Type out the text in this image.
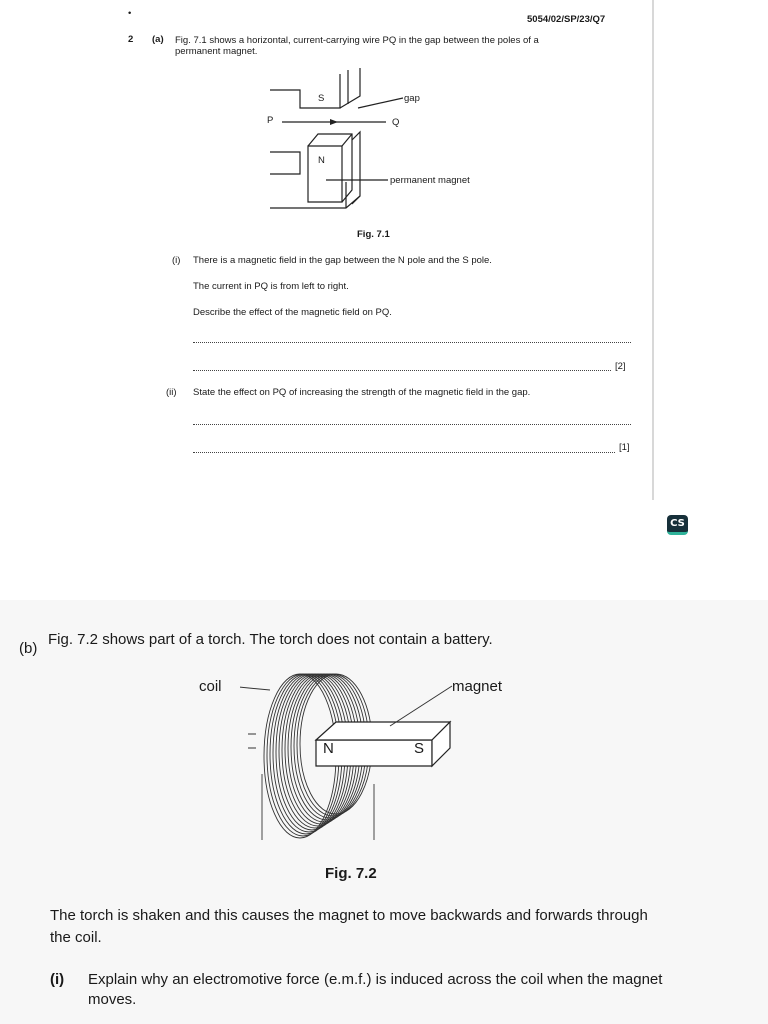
•
5054/02/SP/23/Q7
2 (a) Fig. 7.1 shows a horizontal, current-carrying wire PQ in the gap between the poles of a
permanent magnet.
S	gap
P	Q
N
permanent magnet
Fig. 7.1
(i) There is a magnetic field in the gap between the N pole and the S pole.
The current in PQ is from left to right.
Describe the effect of the magnetic field on PQ.
[2]
(ii) State the effect on PQ of increasing the strength of the magnetic field in the gap.
[1]
CS
(b)
Fig. 7.2 shows part of a torch. The torch does not contain a battery.
coil	magnet
N	S
Fig. 7.2
The torch is shaken and this causes the magnet to move backwards and forwards through
the coil.
(i) Explain why an electromotive force (e.m.f.) is induced across the coil when the magnet
moves.
